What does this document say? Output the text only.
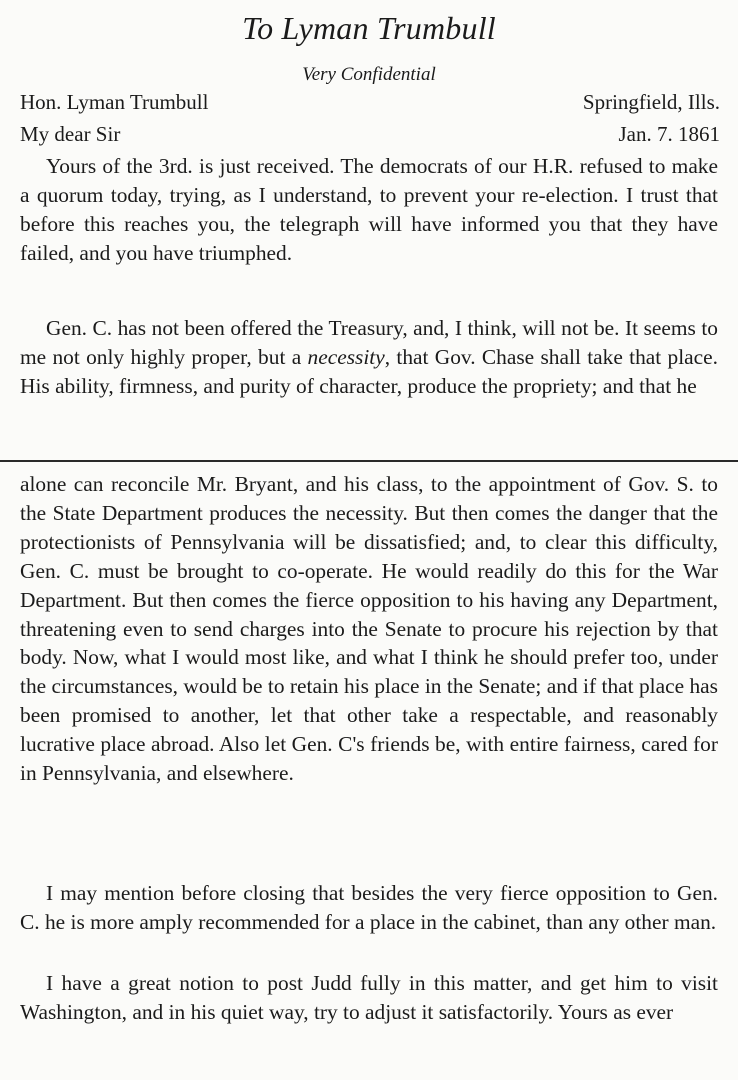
To Lyman Trumbull
Very Confidential
Hon. Lyman Trumbull	Springfield, Ills.
My dear Sir	Jan. 7. 1861

Yours of the 3rd. is just received. The democrats of our H.R. refused to make a quorum today, trying, as I understand, to prevent your re-election. I trust that before this reaches you, the telegraph will have informed you that they have failed, and you have triumphed.

Gen. C. has not been offered the Treasury, and, I think, will not be. It seems to me not only highly proper, but a necessity, that Gov. Chase shall take that place. His ability, firmness, and purity of character, produce the propriety; and that he

alone can reconcile Mr. Bryant, and his class, to the appointment of Gov. S. to the State Department produces the necessity. But then comes the danger that the protectionists of Pennsylvania will be dissatisfied; and, to clear this difficulty, Gen. C. must be brought to co-operate. He would readily do this for the War Department. But then comes the fierce opposition to his having any Department, threatening even to send charges into the Senate to procure his rejection by that body. Now, what I would most like, and what I think he should prefer too, under the circumstances, would be to retain his place in the Senate; and if that place has been promised to another, let that other take a respectable, and reasonably lucrative place abroad. Also let Gen. C's friends be, with entire fairness, cared for in Pennsylvania, and elsewhere.

I may mention before closing that besides the very fierce opposition to Gen. C. he is more amply recommended for a place in the cabinet, than any other man.

I have a great notion to post Judd fully in this matter, and get him to visit Washington, and in his quiet way, try to adjust it satisfactorily. Yours as ever
